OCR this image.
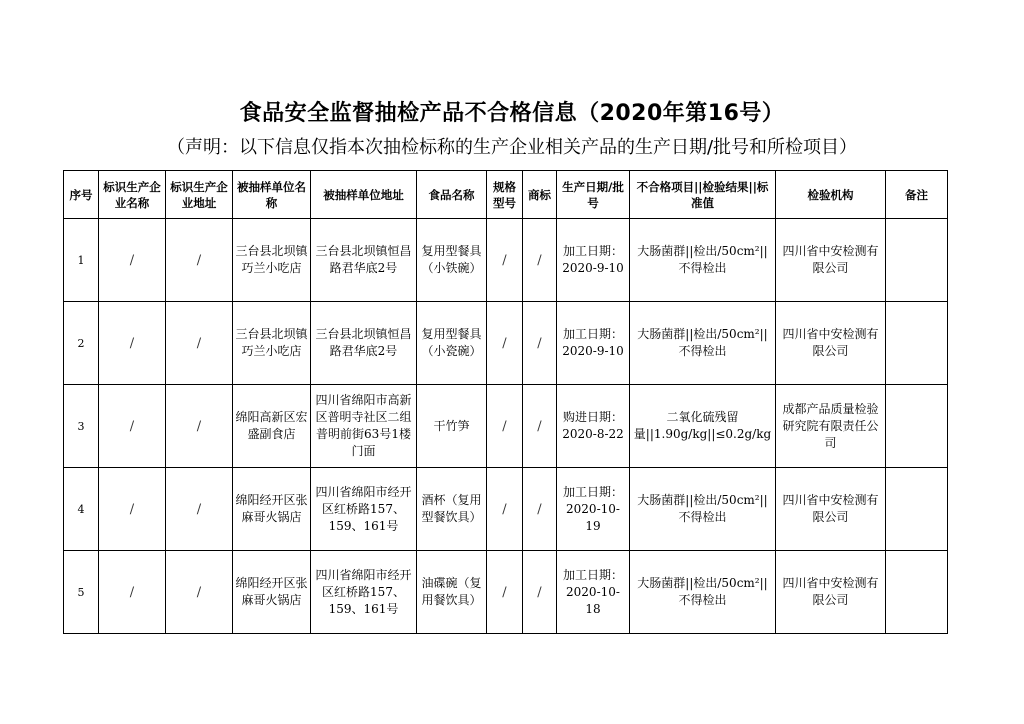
食品安全监督抽检产品不合格信息（2020年第16号）
（声明：以下信息仅指本次抽检标称的生产企业相关产品的生产日期/批号和所检项目）
序号	标识生产企业名称	标识生产企业地址	被抽样单位名称	被抽样单位地址	食品名称	规格型号	商标	生产日期/批号	不合格项目||检验结果||标准值	检验机构	备注
1	/	/	三台县北坝镇巧兰小吃店	三台县北坝镇恒昌路君华底2号	复用型餐具（小铁碗）	/	/	加工日期：2020-9-10	大肠菌群||检出/50cm²||不得检出	四川省中安检测有限公司	
2	/	/	三台县北坝镇巧兰小吃店	三台县北坝镇恒昌路君华底2号	复用型餐具（小瓷碗）	/	/	加工日期：2020-9-10	大肠菌群||检出/50cm²||不得检出	四川省中安检测有限公司	
3	/	/	绵阳高新区宏盛副食店	四川省绵阳市高新区普明寺社区二组普明前街63号1楼门面	干竹笋	/	/	购进日期：2020-8-22	二氧化硫残留量||1.90g/kg||≤0.2g/kg	成都产品质量检验研究院有限责任公司	
4	/	/	绵阳经开区张麻哥火锅店	四川省绵阳市经开区红桥路157、159、161号	酒杯（复用型餐饮具）	/	/	加工日期：2020-10-19	大肠菌群||检出/50cm²||不得检出	四川省中安检测有限公司	
5	/	/	绵阳经开区张麻哥火锅店	四川省绵阳市经开区红桥路157、159、161号	油碟碗（复用餐饮具）	/	/	加工日期：2020-10-18	大肠菌群||检出/50cm²||不得检出	四川省中安检测有限公司	
